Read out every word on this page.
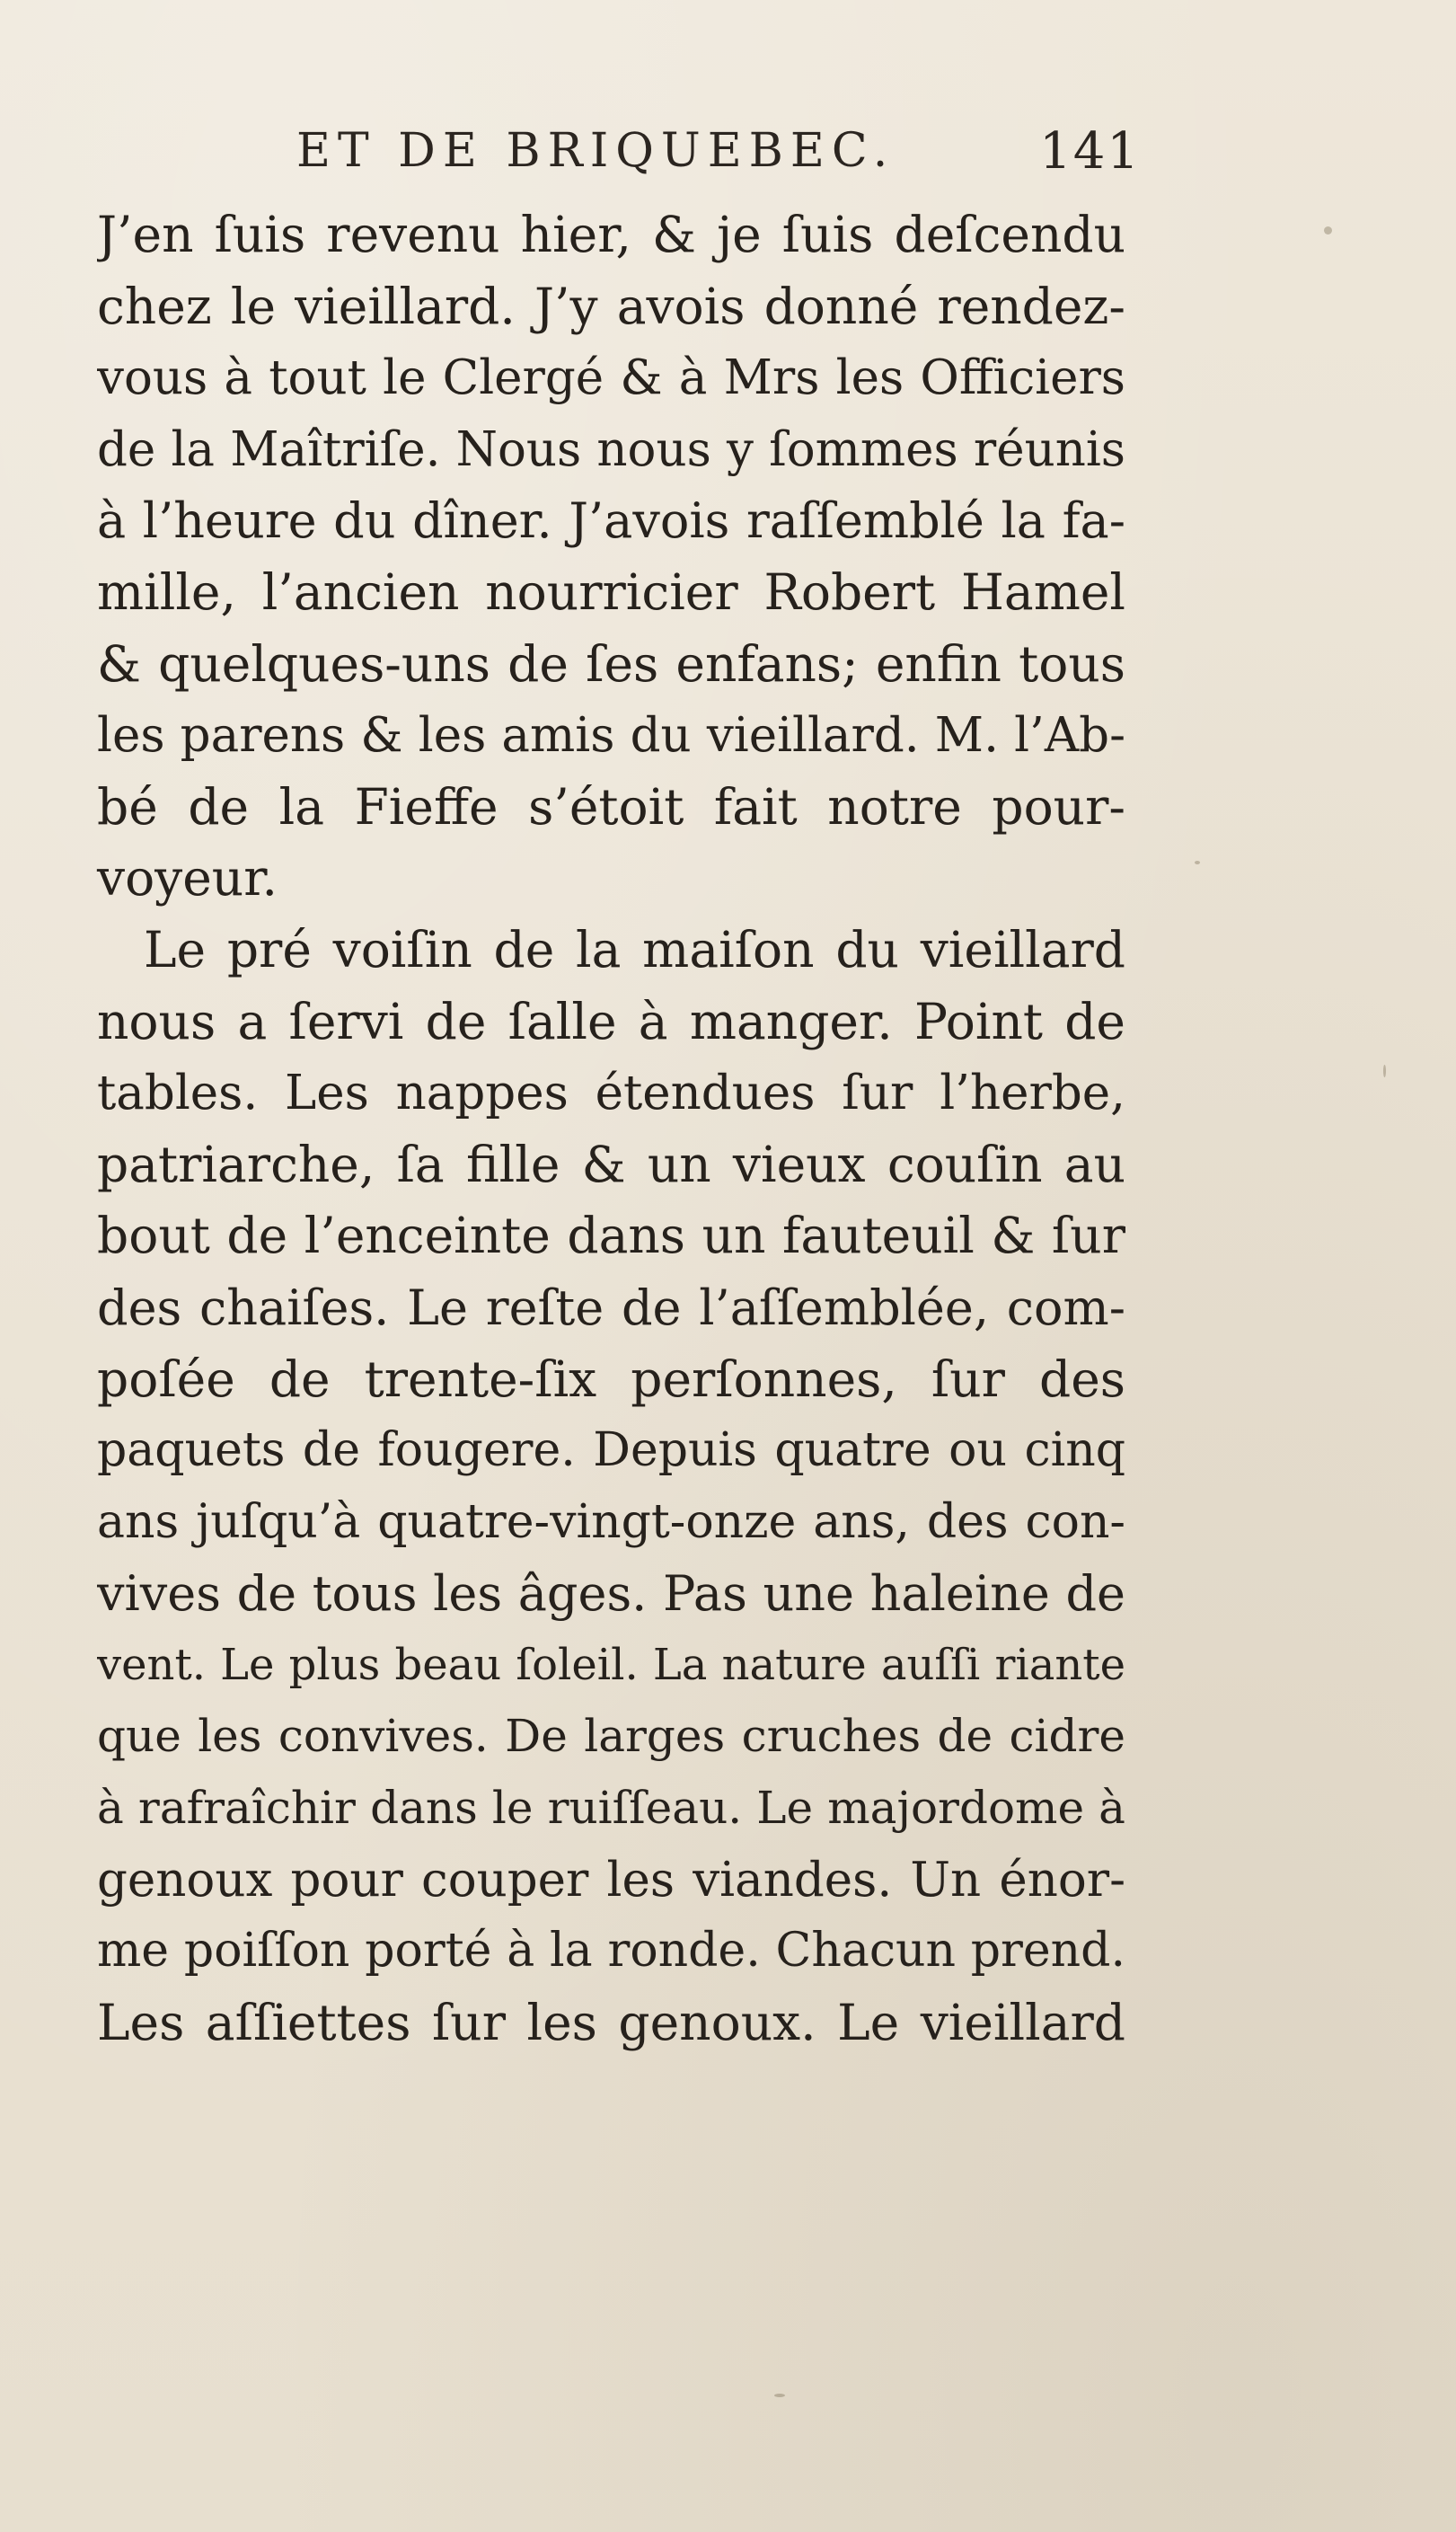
ET DE BRIQUEBEC.	141
J’en ſuis revenu hier, & je ſuis deſcendu
chez le vieillard. J’y avois donné rendez-
vous à tout le Clergé & à Mrs les Officiers
de la Maîtriſe. Nous nous y ſommes réunis
à l’heure du dîner. J’avois raſſemblé la fa-
mille, l’ancien nourricier Robert Hamel
& quelques-uns de ſes enfans; enfin tous
les parens & les amis du vieillard. M. l’Ab-
bé de la Fieffe s’étoit fait notre pour-
voyeur.
Le pré voiſin de la maiſon du vieillard
nous a ſervi de ſalle à manger. Point de
tables. Les nappes étendues ſur l’herbe,
patriarche, ſa fille & un vieux couſin au
bout de l’enceinte dans un fauteuil & ſur
des chaiſes. Le reſte de l’aſſemblée, com-
poſée de trente-ſix perſonnes, ſur des
paquets de fougere. Depuis quatre ou cinq
ans juſqu’à quatre-vingt-onze ans, des con-
vives de tous les âges. Pas une haleine de
vent. Le plus beau ſoleil. La nature auſſi riante
que les convives. De larges cruches de cidre
à rafraîchir dans le ruiſſeau. Le majordome à
genoux pour couper les viandes. Un énor-
me poiſſon porté à la ronde. Chacun prend.
Les aſſiettes ſur les genoux. Le vieillard
